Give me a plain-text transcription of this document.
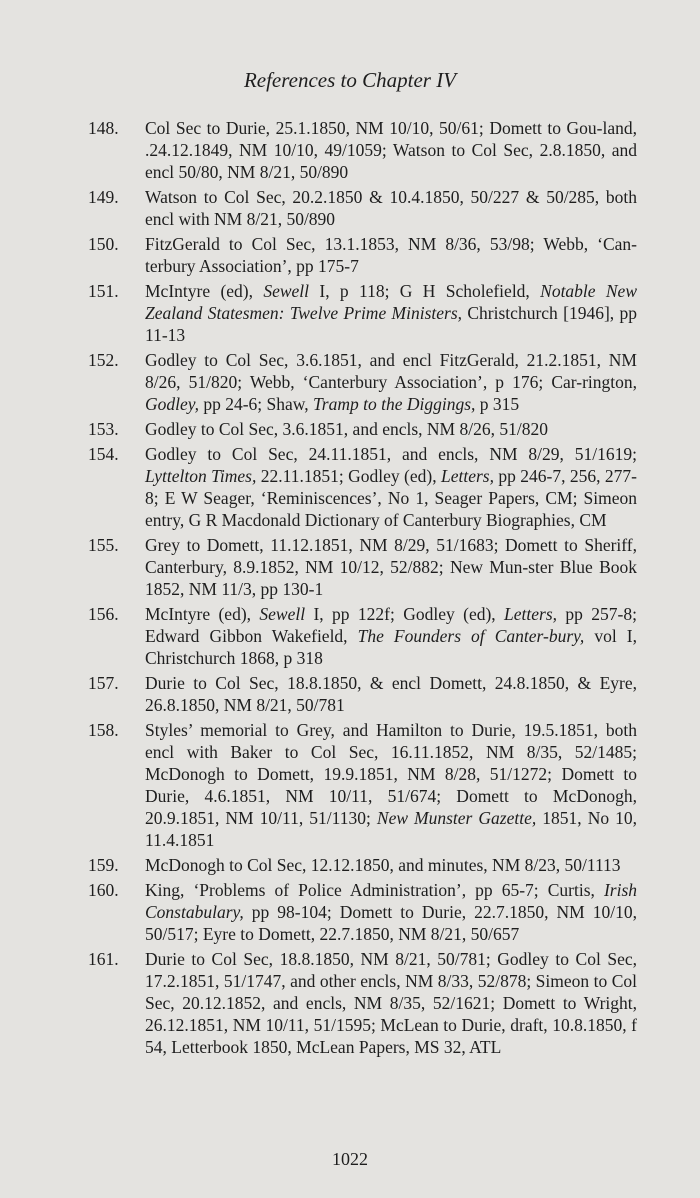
References to Chapter IV
148.	Col Sec to Durie, 25.1.1850, NM 10/10, 50/61; Domett to Gou-land, .24.12.1849, NM 10/10, 49/1059; Watson to Col Sec, 2.8.1850, and encl 50/80, NM 8/21, 50/890
149.	Watson to Col Sec, 20.2.1850 & 10.4.1850, 50/227 & 50/285, both encl with NM 8/21, 50/890
150.	FitzGerald to Col Sec, 13.1.1853, NM 8/36, 53/98; Webb, ‘Can-terbury Association’, pp 175-7
151.	McIntyre (ed), Sewell I, p 118; G H Scholefield, Notable New Zealand Statesmen: Twelve Prime Ministers, Christchurch [1946], pp 11-13
152.	Godley to Col Sec, 3.6.1851, and encl FitzGerald, 21.2.1851, NM 8/26, 51/820; Webb, ‘Canterbury Association’, p 176; Car-rington, Godley, pp 24-6; Shaw, Tramp to the Diggings, p 315
153.	Godley to Col Sec, 3.6.1851, and encls, NM 8/26, 51/820
154.	Godley to Col Sec, 24.11.1851, and encls, NM 8/29, 51/1619; Lyttelton Times, 22.11.1851; Godley (ed), Letters, pp 246-7, 256, 277-8; E W Seager, ‘Reminiscences’, No 1, Seager Papers, CM; Simeon entry, G R Macdonald Dictionary of Canterbury Biographies, CM
155.	Grey to Domett, 11.12.1851, NM 8/29, 51/1683; Domett to Sheriff, Canterbury, 8.9.1852, NM 10/12, 52/882; New Mun-ster Blue Book 1852, NM 11/3, pp 130-1
156.	McIntyre (ed), Sewell I, pp 122f; Godley (ed), Letters, pp 257-8; Edward Gibbon Wakefield, The Founders of Canter-bury, vol I, Christchurch 1868, p 318
157.	Durie to Col Sec, 18.8.1850, & encl Domett, 24.8.1850, & Eyre, 26.8.1850, NM 8/21, 50/781
158.	Styles’ memorial to Grey, and Hamilton to Durie, 19.5.1851, both encl with Baker to Col Sec, 16.11.1852, NM 8/35, 52/1485; McDonogh to Domett, 19.9.1851, NM 8/28, 51/1272; Domett to Durie, 4.6.1851, NM 10/11, 51/674; Domett to McDonogh, 20.9.1851, NM 10/11, 51/1130; New Munster Gazette, 1851, No 10, 11.4.1851
159.	McDonogh to Col Sec, 12.12.1850, and minutes, NM 8/23, 50/1113
160.	King, ‘Problems of Police Administration’, pp 65-7; Curtis, Irish Constabulary, pp 98-104; Domett to Durie, 22.7.1850, NM 10/10, 50/517; Eyre to Domett, 22.7.1850, NM 8/21, 50/657
161.	Durie to Col Sec, 18.8.1850, NM 8/21, 50/781; Godley to Col Sec, 17.2.1851, 51/1747, and other encls, NM 8/33, 52/878; Simeon to Col Sec, 20.12.1852, and encls, NM 8/35, 52/1621; Domett to Wright, 26.12.1851, NM 10/11, 51/1595; McLean to Durie, draft, 10.8.1850, f 54, Letterbook 1850, McLean Papers, MS 32, ATL
1022
